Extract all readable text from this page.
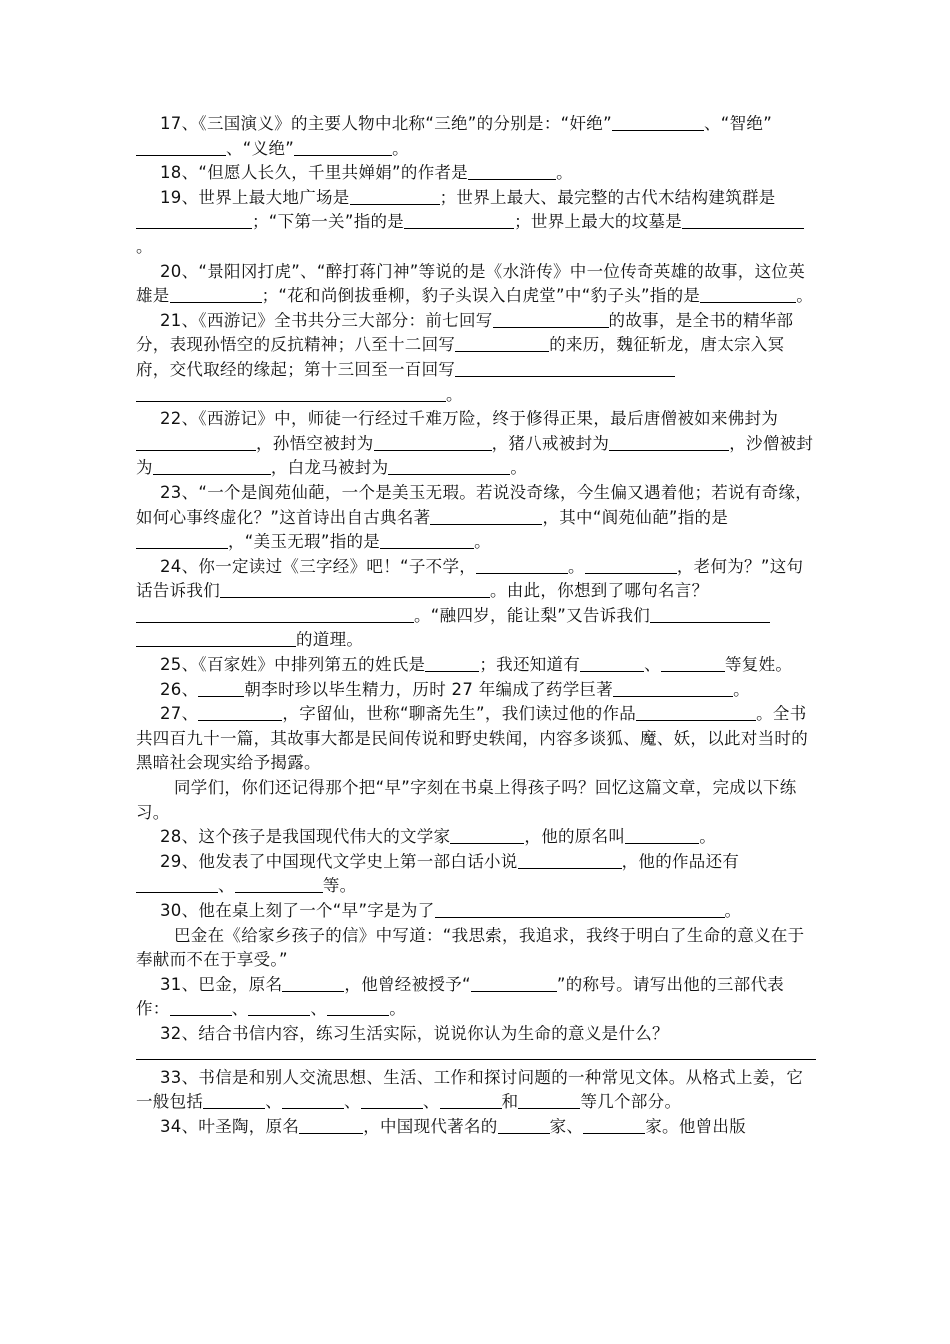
17、《三国演义》的主要人物中北称“三绝”的分别是：“奸绝”	、“智绝”、“义绝”	。

18、“但愿人长久，千里共婵娟”的作者是	。

19、世界上最大地广场是	；世界上最大、最完整的古代木结构建筑群是；“下第一关”指的是	；世界上最大的坟墓是。

20、“景阳冈打虎”、“醉打蒋门神”等说的是《水浒传》中一位传奇英雄的故事，这位英雄是	；“花和尚倒拔垂柳，豹子头误入白虎堂”中“豹子头”指的是	。

21、《西游记》全书共分三大部分：前七回写	的故事，是全书的精华部分，表现孙悟空的反抗精神；八至十二回写	的来历，魏征斩龙，唐太宗入冥府，交代取经的缘起；第十三回至一百回写。

22、《西游记》中，师徒一行经过千难万险，终于修得正果，最后唐僧被如来佛封为，孙悟空被封为	，猪八戒被封为	，沙僧被封为	，白龙马被封为	。

23、“一个是阆苑仙葩，一个是美玉无瑕。若说没奇缘，今生偏又遇着他；若说有奇缘，如何心事终虚化？”这首诗出自古典名著	，其中“阆苑仙葩”指的是，“美玉无瑕”指的是	。

24、你一定读过《三字经》吧！“子不学，	。	，老何为？”这句话告诉我们	。由此，你想到了哪句名言？。“融四岁，能让梨”又告诉我们的道理。

25、《百家姓》中排列第五的姓氏是	；我还知道有	、	等复姓。

26、	朝李时珍以毕生精力，历时 27 年编成了药学巨著	。

27、	，字留仙，世称“聊斋先生”，我们读过他的作品	。全书共四百九十一篇，其故事大都是民间传说和野史轶闻，内容多谈狐、魔、妖，以此对当时的黑暗社会现实给予揭露。

同学们，你们还记得那个把“早”字刻在书桌上得孩子吗？回忆这篇文章，完成以下练习。

28、这个孩子是我国现代伟大的文学家	，他的原名叫	。

29、他发表了中国现代文学史上第一部白话小说	，他的作品还有、	等。

30、他在桌上刻了一个“早”字是为了	。

巴金在《给家乡孩子的信》中写道：“我思索，我追求，我终于明白了生命的意义在于奉献而不在于享受。”

31、巴金，原名	，他曾经被授予“	”的称号。请写出他的三部代表作：	、	、	。

32、结合书信内容，练习生活实际，说说你认为生命的意义是什么？

33、书信是和别人交流思想、生活、工作和探讨问题的一种常见文体。从格式上姜，它一般包括	、	、	、	和	等几个部分。

34、叶圣陶，原名	，中国现代著名的	家、	家。他曾出版
